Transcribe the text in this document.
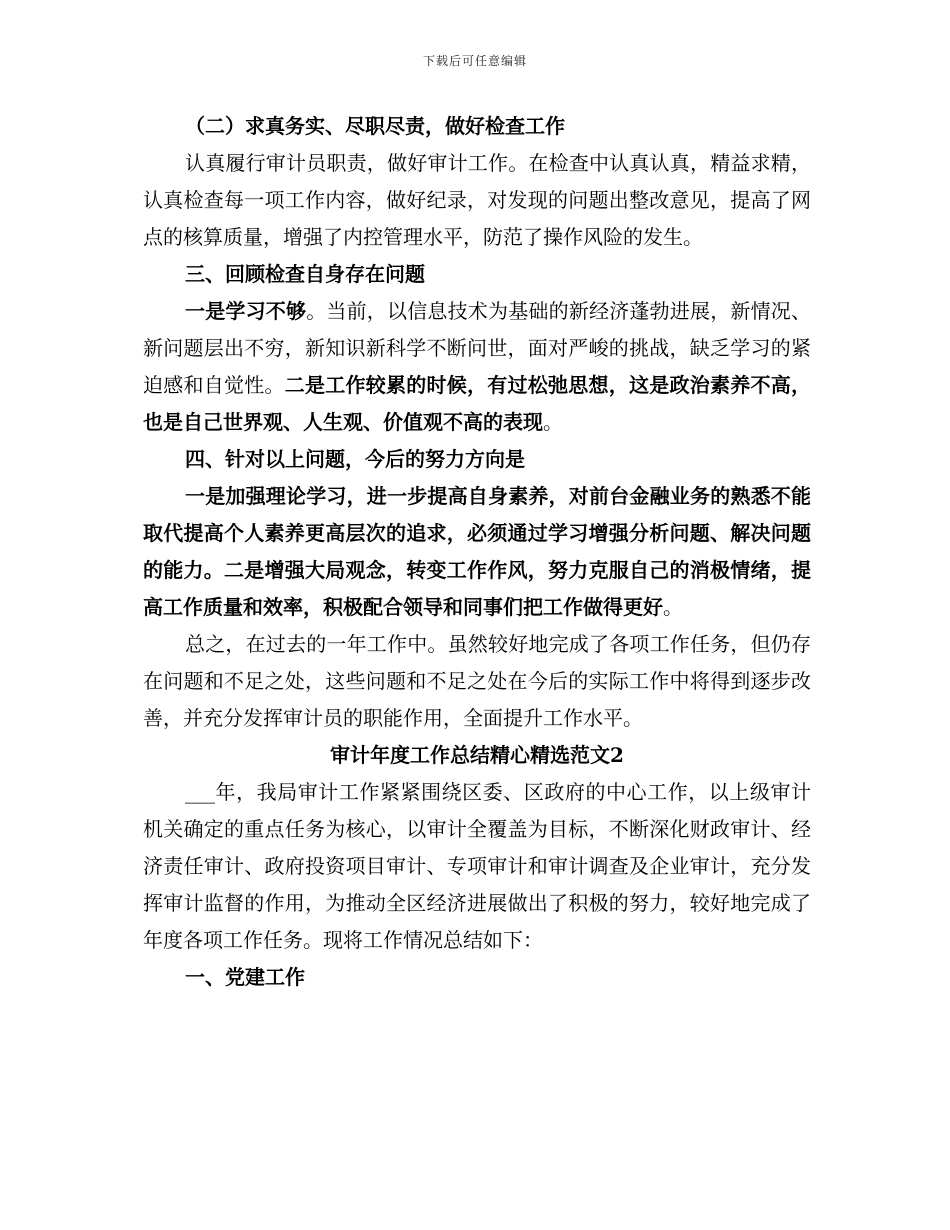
下载后可任意编辑

（二）求真务实、尽职尽责，做好检查工作

认真履行审计员职责，做好审计工作。在检查中认真认真，精益求精，认真检查每一项工作内容，做好纪录，对发现的问题出整改意见，提高了网点的核算质量，增强了内控管理水平，防范了操作风险的发生。

三、回顾检查自身存在问题

一是学习不够。当前，以信息技术为基础的新经济蓬勃进展，新情况、新问题层出不穷，新知识新科学不断问世，面对严峻的挑战，缺乏学习的紧迫感和自觉性。二是工作较累的时候，有过松弛思想，这是政治素养不高，也是自己世界观、人生观、价值观不高的表现。

四、针对以上问题，今后的努力方向是

一是加强理论学习，进一步提高自身素养，对前台金融业务的熟悉不能取代提高个人素养更高层次的追求，必须通过学习增强分析问题、解决问题的能力。二是增强大局观念，转变工作作风，努力克服自己的消极情绪，提高工作质量和效率，积极配合领导和同事们把工作做得更好。

总之，在过去的一年工作中。虽然较好地完成了各项工作任务，但仍存在问题和不足之处，这些问题和不足之处在今后的实际工作中将得到逐步改善，并充分发挥审计员的职能作用，全面提升工作水平。

审计年度工作总结精心精选范文2

___年，我局审计工作紧紧围绕区委、区政府的中心工作，以上级审计机关确定的重点任务为核心，以审计全覆盖为目标，不断深化财政审计、经济责任审计、政府投资项目审计、专项审计和审计调查及企业审计，充分发挥审计监督的作用，为推动全区经济进展做出了积极的努力，较好地完成了年度各项工作任务。现将工作情况总结如下：

一、党建工作
